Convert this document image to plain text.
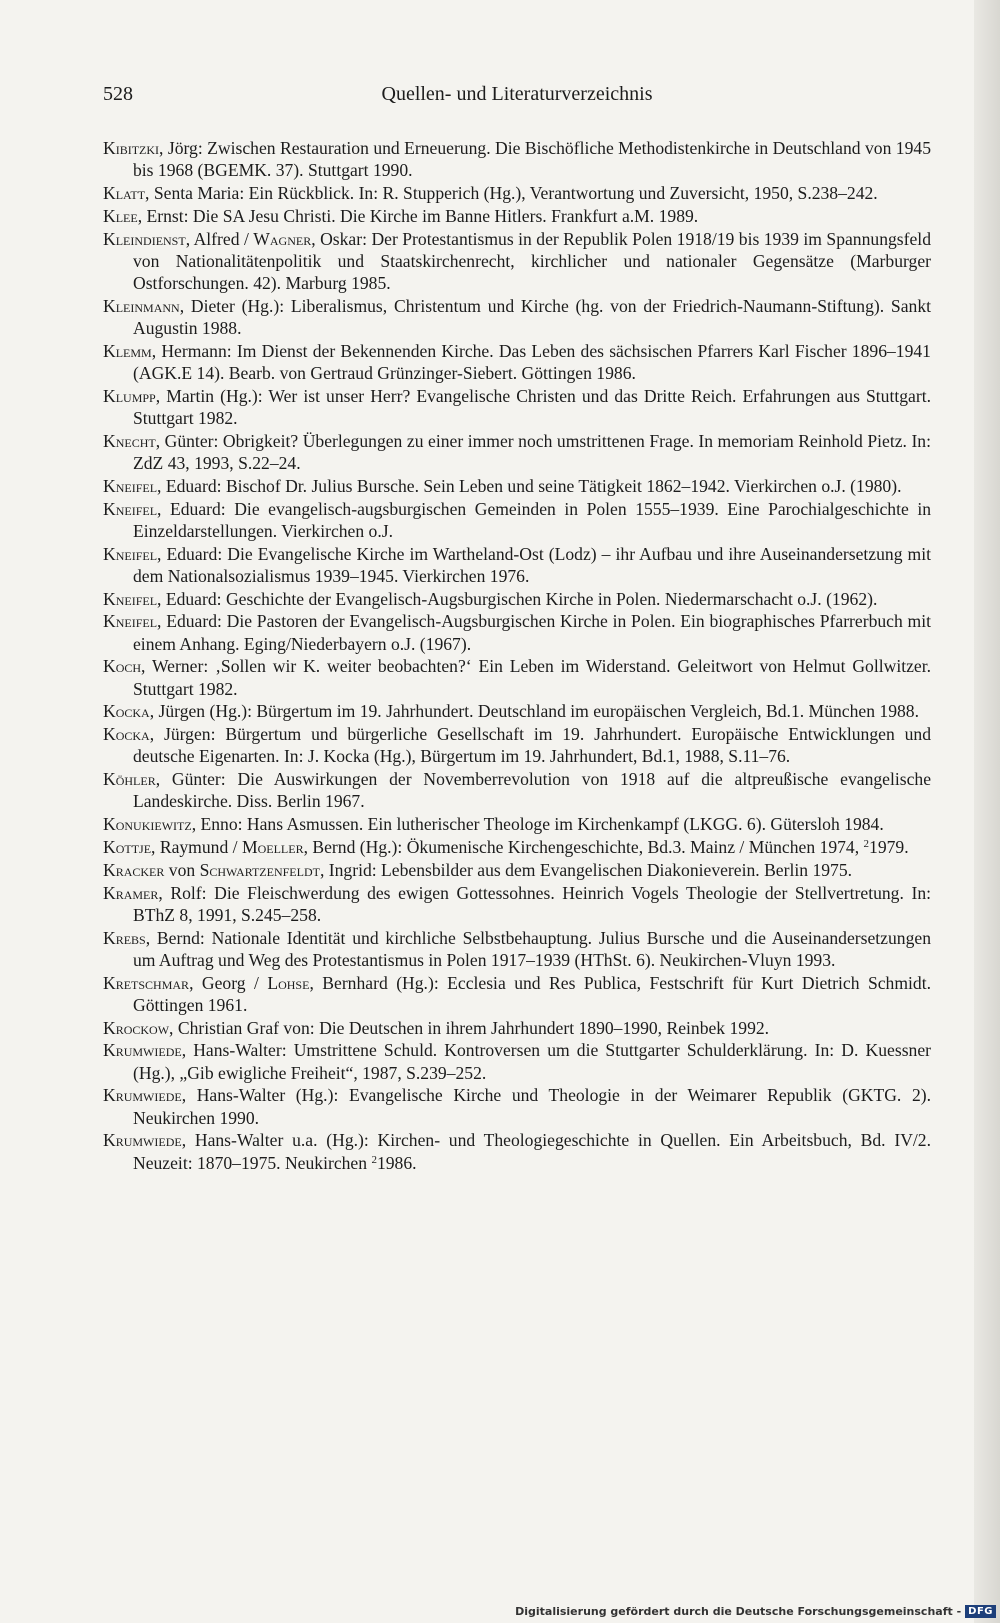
528	Quellen- und Literaturverzeichnis

Kibitzki, Jörg: Zwischen Restauration und Erneuerung. Die Bischöfliche Methodistenkirche in Deutschland von 1945 bis 1968 (BGEMK. 37). Stuttgart 1990.

Klatt, Senta Maria: Ein Rückblick. In: R. Stupperich (Hg.), Verantwortung und Zuversicht, 1950, S.238–242.

Klee, Ernst: Die SA Jesu Christi. Die Kirche im Banne Hitlers. Frankfurt a.M. 1989.

Kleindienst, Alfred / Wagner, Oskar: Der Protestantismus in der Republik Polen 1918/19 bis 1939 im Spannungsfeld von Nationalitätenpolitik und Staatskirchenrecht, kirchlicher und nationaler Gegensätze (Marburger Ostforschungen. 42). Marburg 1985.

Kleinmann, Dieter (Hg.): Liberalismus, Christentum und Kirche (hg. von der Friedrich-Naumann-Stiftung). Sankt Augustin 1988.

Klemm, Hermann: Im Dienst der Bekennenden Kirche. Das Leben des sächsischen Pfarrers Karl Fischer 1896–1941 (AGK.E 14). Bearb. von Gertraud Grünzinger-Siebert. Göttingen 1986.

Klumpp, Martin (Hg.): Wer ist unser Herr? Evangelische Christen und das Dritte Reich. Erfahrungen aus Stuttgart. Stuttgart 1982.

Knecht, Günter: Obrigkeit? Überlegungen zu einer immer noch umstrittenen Frage. In memoriam Reinhold Pietz. In: ZdZ 43, 1993, S.22–24.

Kneifel, Eduard: Bischof Dr. Julius Bursche. Sein Leben und seine Tätigkeit 1862–1942. Vierkirchen o.J. (1980).

Kneifel, Eduard: Die evangelisch-augsburgischen Gemeinden in Polen 1555–1939. Eine Parochialgeschichte in Einzeldarstellungen. Vierkirchen o.J.

Kneifel, Eduard: Die Evangelische Kirche im Wartheland-Ost (Lodz) – ihr Aufbau und ihre Auseinandersetzung mit dem Nationalsozialismus 1939–1945. Vierkirchen 1976.

Kneifel, Eduard: Geschichte der Evangelisch-Augsburgischen Kirche in Polen. Niedermarschacht o.J. (1962).

Kneifel, Eduard: Die Pastoren der Evangelisch-Augsburgischen Kirche in Polen. Ein biographisches Pfarrerbuch mit einem Anhang. Eging/Niederbayern o.J. (1967).

Koch, Werner: ‚Sollen wir K. weiter beobachten?‘ Ein Leben im Widerstand. Geleitwort von Helmut Gollwitzer. Stuttgart 1982.

Kocka, Jürgen (Hg.): Bürgertum im 19. Jahrhundert. Deutschland im europäischen Vergleich, Bd.1. München 1988.

Kocka, Jürgen: Bürgertum und bürgerliche Gesellschaft im 19. Jahrhundert. Europäische Entwicklungen und deutsche Eigenarten. In: J. Kocka (Hg.), Bürgertum im 19. Jahrhundert, Bd.1, 1988, S.11–76.

Köhler, Günter: Die Auswirkungen der Novemberrevolution von 1918 auf die altpreußische evangelische Landeskirche. Diss. Berlin 1967.

Konukiewitz, Enno: Hans Asmussen. Ein lutherischer Theologe im Kirchenkampf (LKGG. 6). Gütersloh 1984.

Kottje, Raymund / Moeller, Bernd (Hg.): Ökumenische Kirchengeschichte, Bd.3. Mainz / München 1974, $^2$1979.

Kracker von Schwartzenfeldt, Ingrid: Lebensbilder aus dem Evangelischen Diakonieverein. Berlin 1975.

Kramer, Rolf: Die Fleischwerdung des ewigen Gottessohnes. Heinrich Vogels Theologie der Stellvertretung. In: BThZ 8, 1991, S.245–258.

Krebs, Bernd: Nationale Identität und kirchliche Selbstbehauptung. Julius Bursche und die Auseinandersetzungen um Auftrag und Weg des Protestantismus in Polen 1917–1939 (HThSt. 6). Neukirchen-Vluyn 1993.

Kretschmar, Georg / Lohse, Bernhard (Hg.): Ecclesia und Res Publica, Festschrift für Kurt Dietrich Schmidt. Göttingen 1961.

Krockow, Christian Graf von: Die Deutschen in ihrem Jahrhundert 1890–1990, Reinbek 1992.

Krumwiede, Hans-Walter: Umstrittene Schuld. Kontroversen um die Stuttgarter Schulderklärung. In: D. Kuessner (Hg.), „Gib ewigliche Freiheit“, 1987, S.239–252.

Krumwiede, Hans-Walter (Hg.): Evangelische Kirche und Theologie in der Weimarer Republik (GKTG. 2). Neukirchen 1990.

Krumwiede, Hans-Walter u.a. (Hg.): Kirchen- und Theologiegeschichte in Quellen. Ein Arbeitsbuch, Bd. IV/2. Neuzeit: 1870–1975. Neukirchen $^2$1986.

Digitalisierung gefördert durch die Deutsche Forschungsgemeinschaft - DFG
